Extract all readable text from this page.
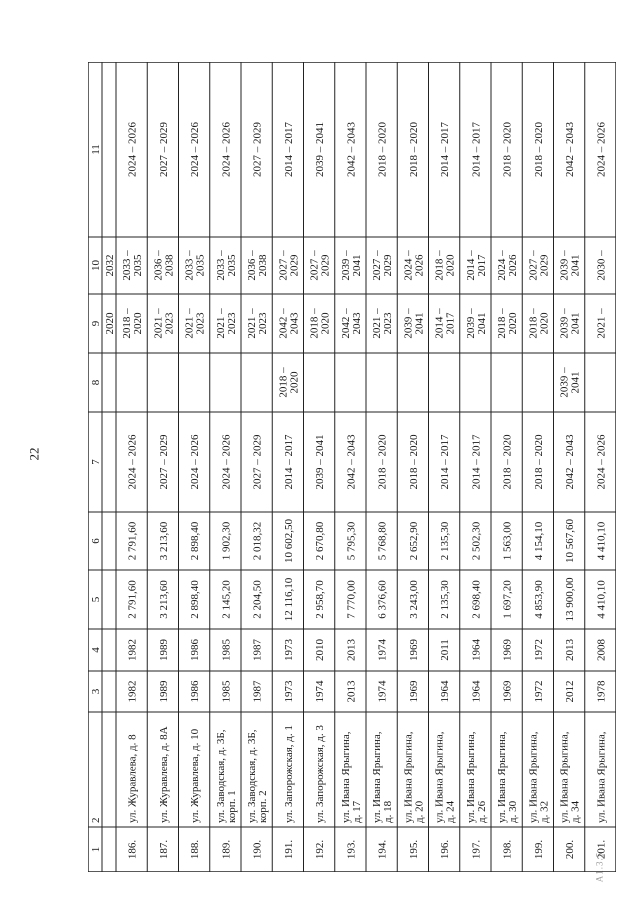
22
A1.3.5
1
2
3
4
5
6
7
8
9
10
11
2020
2032
186.
ул. Журавлева, д. 8
1982
1982
2 791,60
2 791,60
2024 – 2026
2018 –2020
2033 –2035
2024 – 2026
187.
ул. Журавлева, д. 8А
1989
1989
3 213,60
3 213,60
2027 – 2029
2021 –2023
2036 –2038
2027 – 2029
188.
ул. Журавлева, д. 10
1986
1986
2 898,40
2 898,40
2024 – 2026
2021 –2023
2033 –2035
2024 – 2026
189.
ул. Заводская, д. 3Б,корп. 1
1985
1985
2 145,20
1 902,30
2024 – 2026
2021 –2023
2033 –2035
2024 – 2026
190.
ул. Заводская, д. 3Б,корп. 2
1987
1987
2 204,50
2 018,32
2027 – 2029
2021 –2023
2036 –2038
2027 – 2029
191.
ул. Запорожская, д. 1
1973
1973
12 116,10
10 602,50
2014 – 2017
2018 –2020
2042 –2043
2027 –2029
2014 – 2017
192.
ул. Запорожская, д. 3
1974
2010
2 958,70
2 670,80
2039 – 2041
2018 –2020
2027 –2029
2039 – 2041
193.
ул. Ивана Ярыгина,д. 17
2013
2013
7 770,00
5 795,30
2042 – 2043
2042 –2043
2039 –2041
2042 – 2043
194.
ул. Ивана Ярыгина,д. 18
1974
1974
6 376,60
5 768,80
2018 – 2020
2021 –2023
2027 –2029
2018 – 2020
195.
ул. Ивана Ярыгина,д. 20
1969
1969
3 243,00
2 652,90
2018 – 2020
2039 –2041
2024 –2026
2018 – 2020
196.
ул. Ивана Ярыгина,д. 24
1964
2011
2 135,30
2 135,30
2014 – 2017
2014 –2017
2018 –2020
2014 – 2017
197.
ул. Ивана Ярыгина,д. 26
1964
1964
2 698,40
2 502,30
2014 – 2017
2039 –2041
2014 –2017
2014 – 2017
198.
ул. Ивана Ярыгина,д. 30
1969
1969
1 697,20
1 563,00
2018 – 2020
2018 –2020
2024 –2026
2018 – 2020
199.
ул. Ивана Ярыгина,д. 32
1972
1972
4 853,90
4 154,10
2018 – 2020
2018 –2020
2027 –2029
2018 – 2020
200.
ул. Ивана Ярыгина,д. 34
2012
2013
13 900,00
10 567,60
2042 – 2043
2039 –2041
2039 –2041
2039 –2041
2042 – 2043
201.
ул. Ивана Ярыгина,
1978
2008
4 410,10
4 410,10
2024 – 2026
2021 –
2030 –
2024 – 2026
